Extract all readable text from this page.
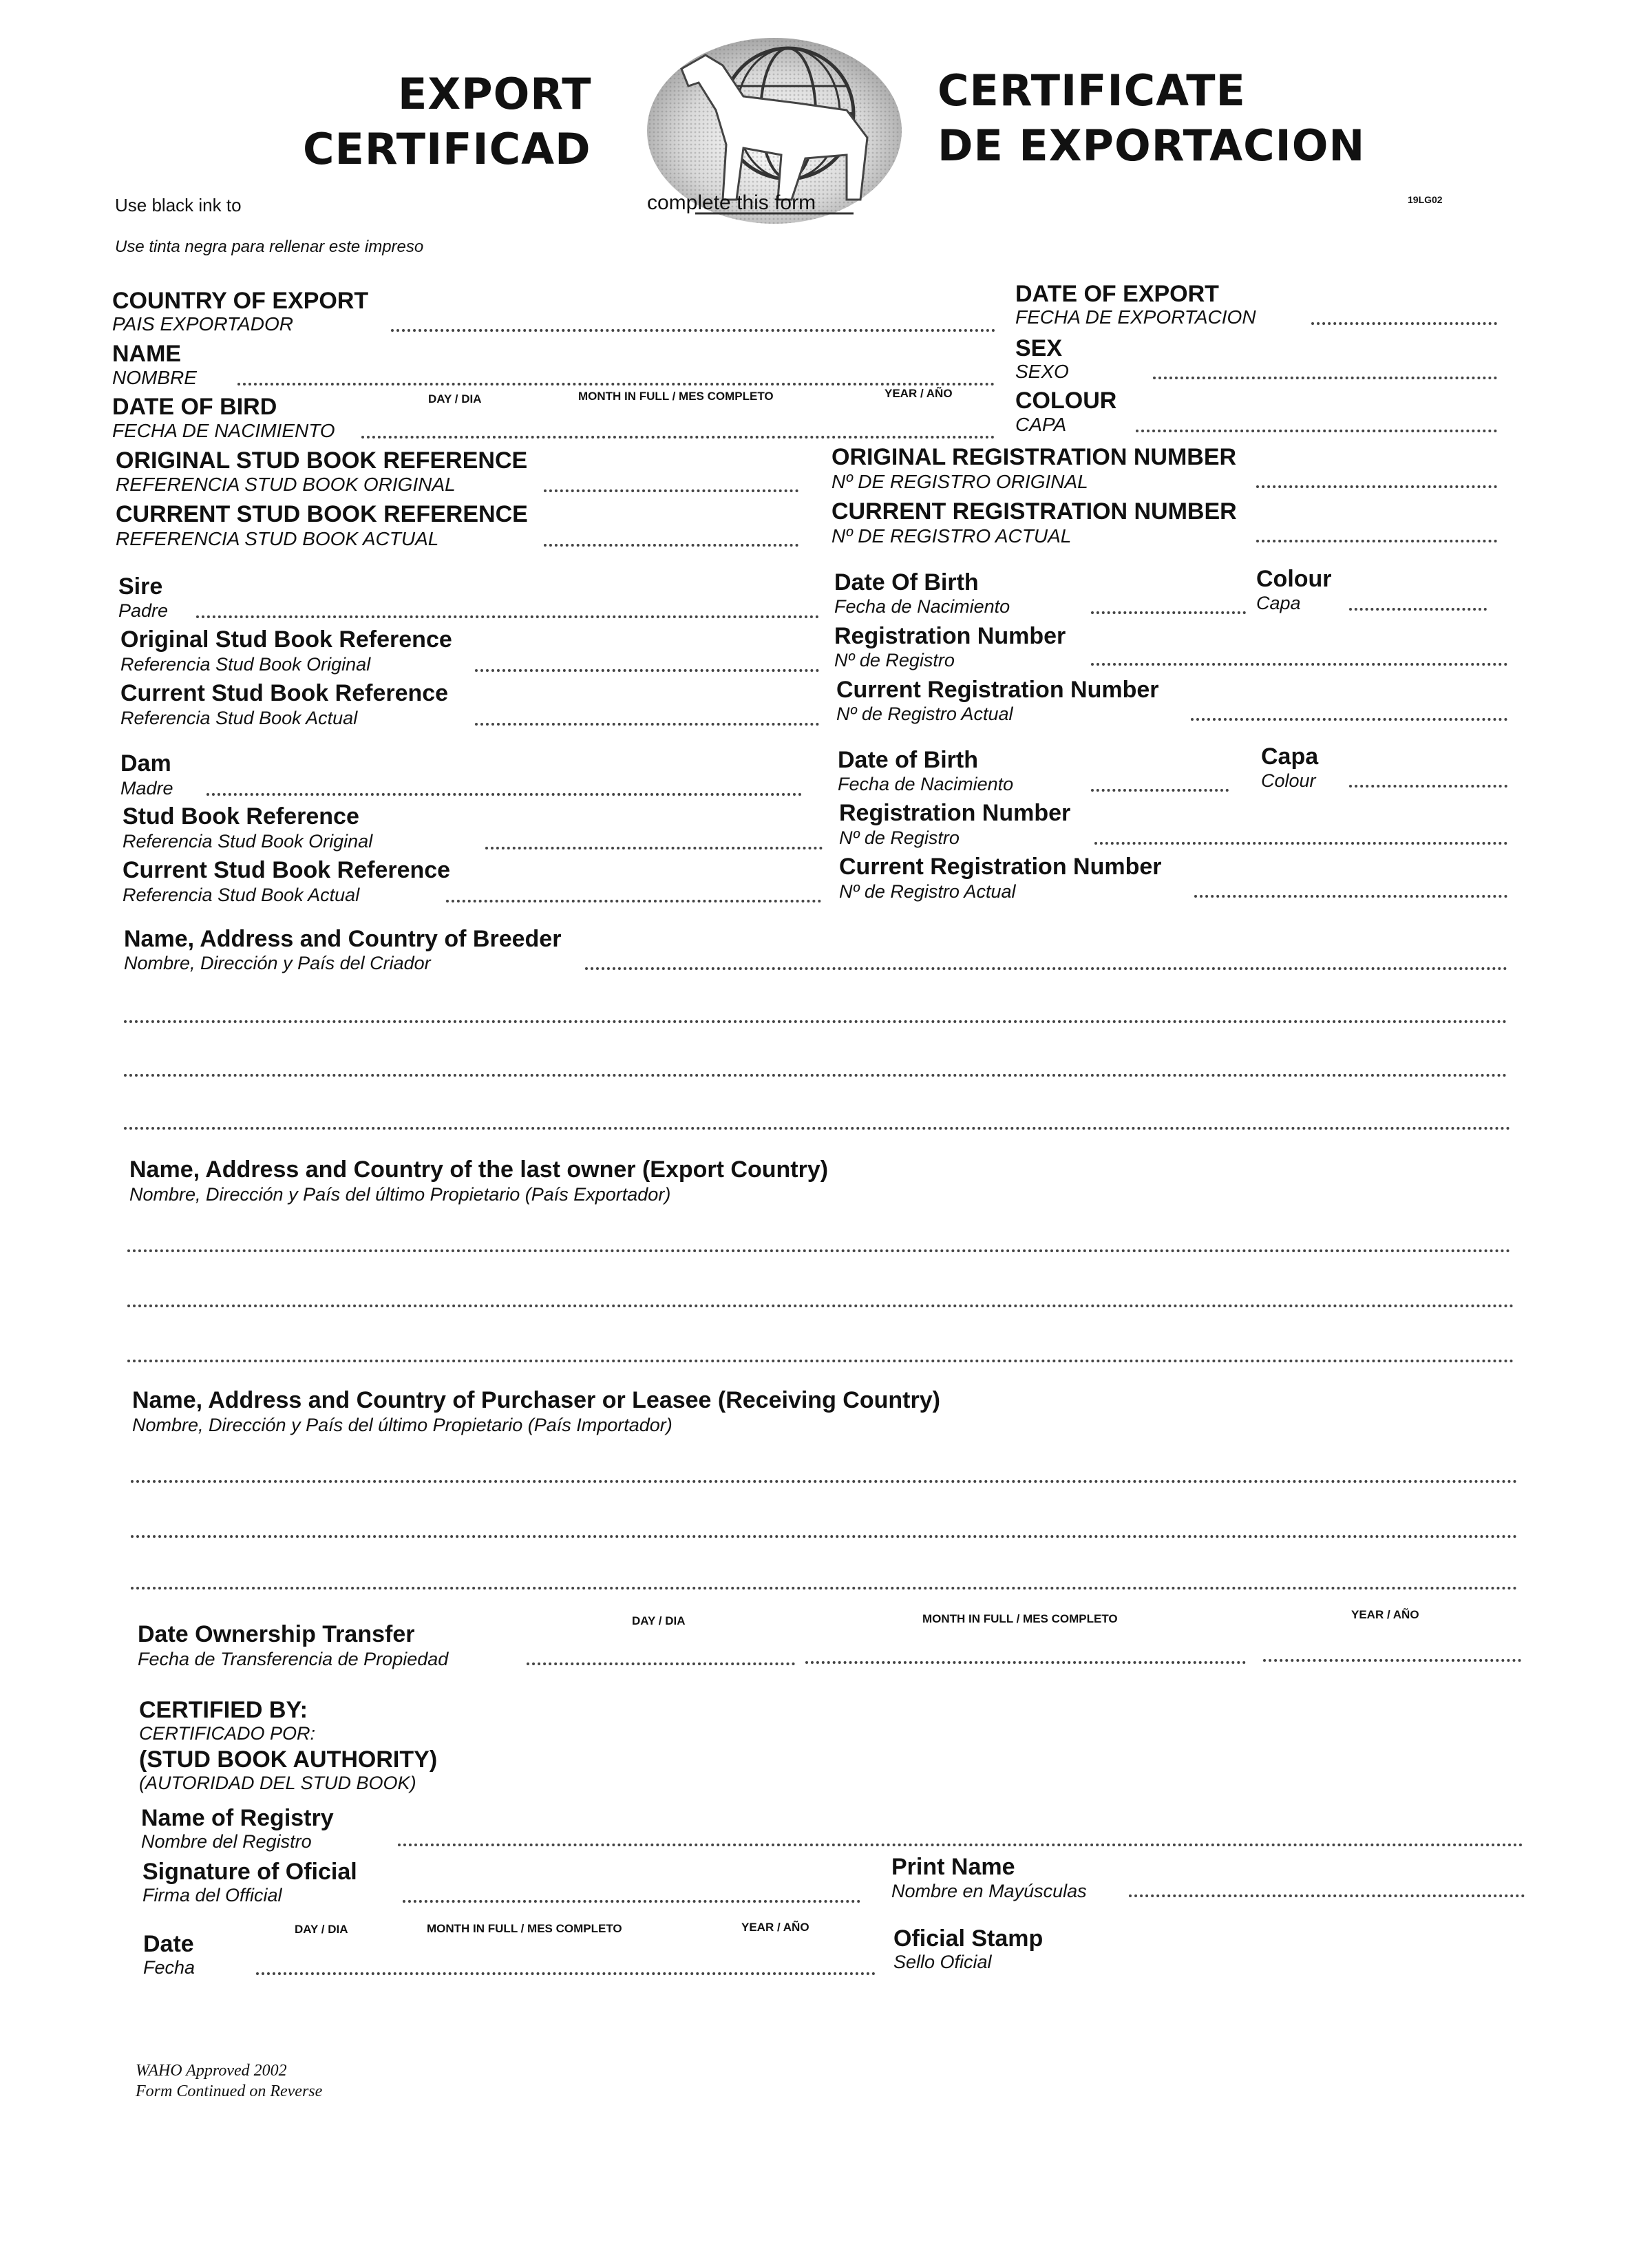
EXPORT
CERTIFICAD
CERTIFICATE
DE EXPORTACION
Use black ink to	complete this form
Use tinta negra para rellenar este impreso
19LG02
COUNTRY OF EXPORT
PAIS EXPORTADOR
NAME
NOMBRE
DAY / DIA	MONTH IN FULL / MES COMPLETO	YEAR / AÑO
DATE OF BIRD
FECHA DE NACIMIENTO
DATE OF EXPORT
FECHA DE EXPORTACION
SEX
SEXO
COLOUR
CAPA
ORIGINAL STUD BOOK REFERENCE
REFERENCIA STUD BOOK ORIGINAL
CURRENT STUD BOOK REFERENCE
REFERENCIA STUD BOOK ACTUAL
ORIGINAL REGISTRATION NUMBER
Nº DE REGISTRO ORIGINAL
CURRENT REGISTRATION NUMBER
Nº DE REGISTRO ACTUAL
Sire
Padre
Original Stud Book Reference
Referencia Stud Book Original
Current Stud Book Reference
Referencia Stud Book Actual
Date Of Birth
Fecha de Nacimiento
Colour
Capa
Registration Number
Nº de Registro
Current Registration Number
Nº de Registro Actual
Dam
Madre
Stud Book Reference
Referencia Stud Book Original
Current Stud Book Reference
Referencia Stud Book Actual
Date of Birth
Fecha de Nacimiento
Capa
Colour
Registration Number
Nº de Registro
Current Registration Number
Nº de Registro Actual
Name, Address and Country of Breeder
Nombre, Dirección y País del Criador
Name, Address and Country of the last owner (Export Country)
Nombre, Dirección y País del último Propietario (País Exportador)
Name, Address and Country of Purchaser or Leasee (Receiving Country)
Nombre, Dirección y País del último Propietario (País Importador)
DAY / DIA	MONTH IN FULL / MES COMPLETO	YEAR / AÑO
Date Ownership Transfer
Fecha de Transferencia de Propiedad
CERTIFIED BY:
CERTIFICADO POR:
(STUD BOOK AUTHORITY)
(AUTORIDAD DEL STUD BOOK)
Name of Registry
Nombre del Registro
Signature of Oficial
Firma del Official
Print Name
Nombre en Mayúsculas
DAY / DIA	MONTH IN FULL / MES COMPLETO	YEAR / AÑO
Date
Fecha
Oficial Stamp
Sello Oficial
WAHO Approved 2002
Form Continued on Reverse
